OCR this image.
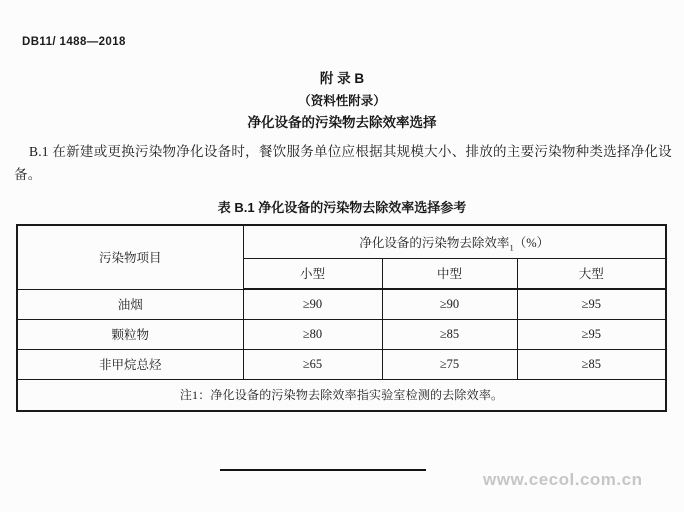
DB11/ 1488—2018
附 录 B
（资料性附录）
净化设备的污染物去除效率选择

B.1 在新建或更换污染物净化设备时，餐饮服务单位应根据其规模大小、排放的主要污染物种类选择净化设备。

表 B.1 净化设备的污染物去除效率选择参考
污染物项目	净化设备的污染物去除效率$_1$（%）		
	小型	中型	大型
油烟	≥90	≥90	≥95
颗粒物	≥80	≥85	≥95
非甲烷总烃	≥65	≥75	≥85
注1：净化设备的污染物去除效率指实验室检测的去除效率。			
www.cecol.com.cn
